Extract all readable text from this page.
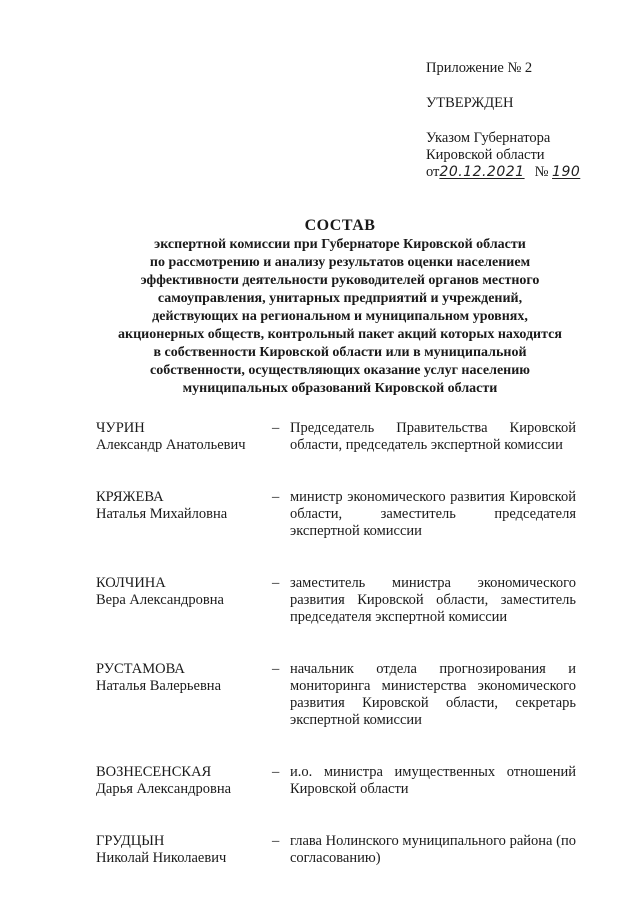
Приложение № 2
УТВЕРЖДЕН
Указом Губернатора
Кировской области
от20.12.2021 № 190
СОСТАВ
экспертной комиссии при Губернаторе Кировской области
по рассмотрению и анализу результатов оценки населением
эффективности деятельности руководителей органов местного
самоуправления, унитарных предприятий и учреждений,
действующих на региональном и муниципальном уровнях,
акционерных обществ, контрольный пакет акций которых находится
в собственности Кировской области или в муниципальной
собственности, осуществляющих оказание услуг населению
муниципальных образований Кировской области
ЧУРИН
Александр Анатольевич
– Председатель Правительства Кировской области, председатель экспертной комиссии
КРЯЖЕВА
Наталья Михайловна
– министр экономического развития Кировской области, заместитель председателя экспертной комиссии
КОЛЧИНА
Вера Александровна
– заместитель министра экономического развития Кировской области, заместитель председателя экспертной комиссии
РУСТАМОВА
Наталья Валерьевна
– начальник отдела прогнозирования и мониторинга министерства экономического развития Кировской области, секретарь экспертной комиссии
ВОЗНЕСЕНСКАЯ
Дарья Александровна
– и.о. министра имущественных отношений Кировской области
ГРУДЦЫН
Николай Николаевич
– глава Нолинского муниципального района (по согласованию)
